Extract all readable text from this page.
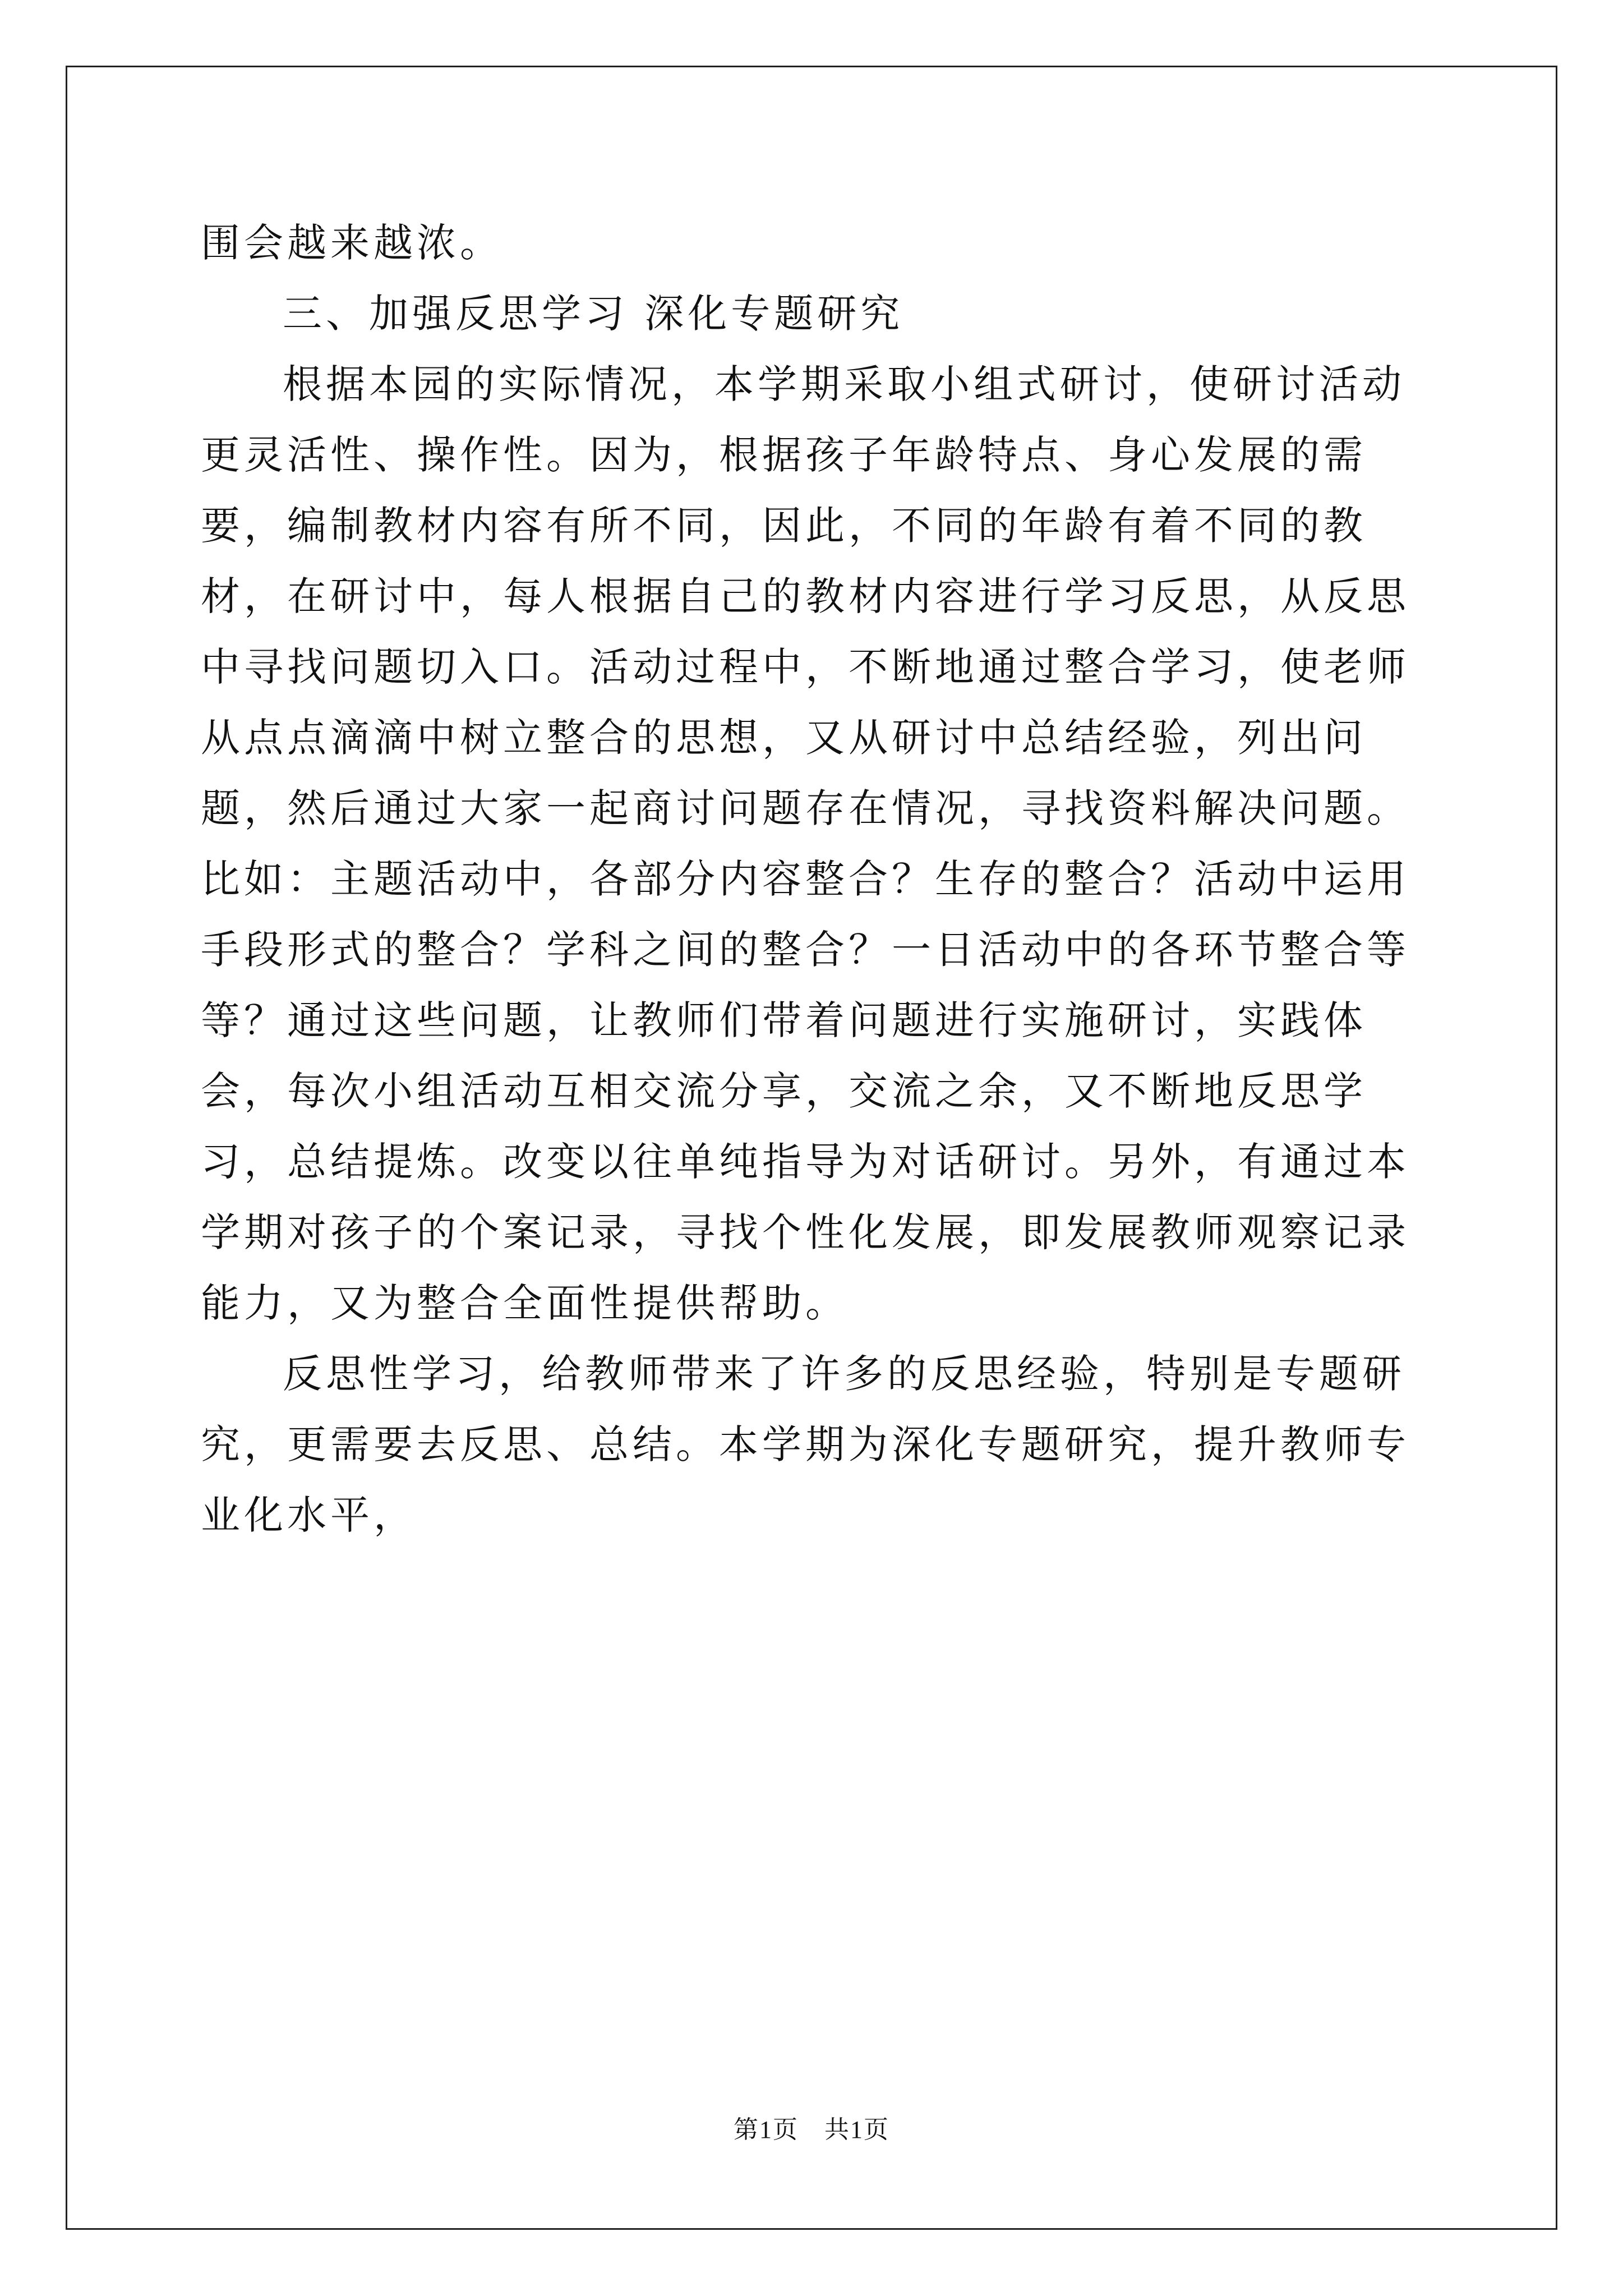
围会越来越浓。

三、加强反思学习 深化专题研究

根据本园的实际情况，本学期采取小组式研讨，使研讨活动更灵活性、操作性。因为，根据孩子年龄特点、身心发展的需要，编制教材内容有所不同，因此，不同的年龄有着不同的教材，在研讨中，每人根据自己的教材内容进行学习反思，从反思中寻找问题切入口。活动过程中，不断地通过整合学习，使老师从点点滴滴中树立整合的思想，又从研讨中总结经验，列出问题，然后通过大家一起商讨问题存在情况，寻找资料解决问题。比如：主题活动中，各部分内容整合？生存的整合？活动中运用手段形式的整合？学科之间的整合？一日活动中的各环节整合等等？通过这些问题，让教师们带着问题进行实施研讨，实践体会，每次小组活动互相交流分享，交流之余，又不断地反思学习，总结提炼。改变以往单纯指导为对话研讨。另外，有通过本学期对孩子的个案记录，寻找个性化发展，即发展教师观察记录能力，又为整合全面性提供帮助。

反思性学习，给教师带来了许多的反思经验，特别是专题研究，更需要去反思、总结。本学期为深化专题研究，提升教师专业化水平，

第1页 共1页
